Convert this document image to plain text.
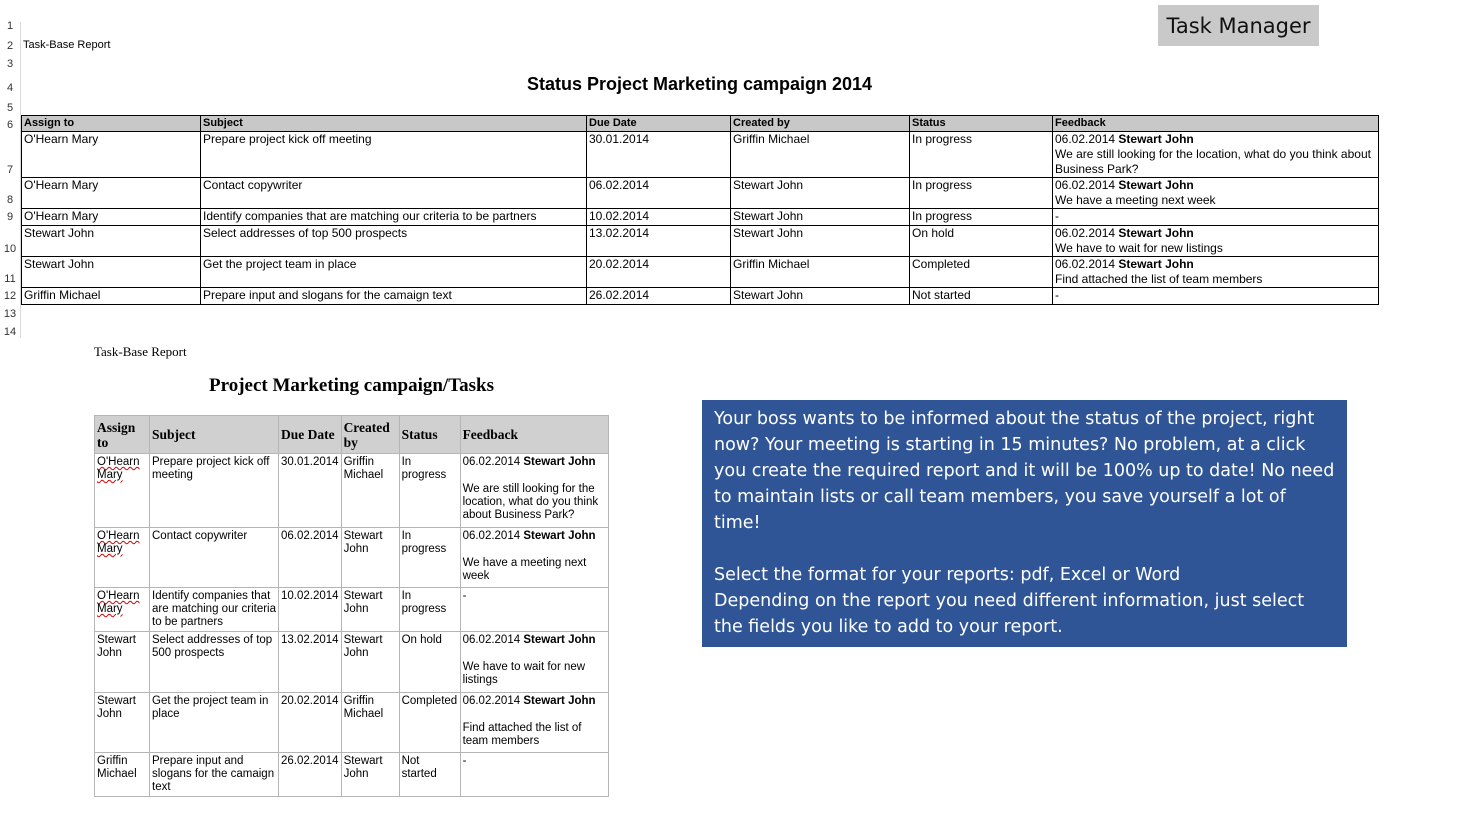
Task Manager
1
2
3
4
5
6
7
8
9
10
11
12
13
14
Task-Base Report
Status Project Marketing campaign 2014
Assign to	Subject	Due Date	Created by	Status	Feedback
O'Hearn Mary	Prepare project kick off meeting	30.01.2014	Griffin Michael	In progress	06.02.2014 Stewart John
We are still looking for the location, what do you think about Business Park?
O'Hearn Mary	Contact copywriter	06.02.2014	Stewart John	In progress	06.02.2014 Stewart John
We have a meeting next week
O'Hearn Mary	Identify companies that are matching our criteria to be partners	10.02.2014	Stewart John	In progress	-
Stewart John	Select addresses of top 500 prospects	13.02.2014	Stewart John	On hold	06.02.2014 Stewart John
We have to wait for new listings
Stewart John	Get the project team in place	20.02.2014	Griffin Michael	Completed	06.02.2014 Stewart John
Find attached the list of team members
Griffin Michael	Prepare input and slogans for the camaign text	26.02.2014	Stewart John	Not started	-
Task-Base Report
Project Marketing campaign/Tasks
Assign to	Subject	Due Date	Created by	Status	Feedback
O'Hearn Mary	Prepare project kick off meeting	30.01.2014	Griffin Michael	In progress	06.02.2014 Stewart John
We are still looking for the location, what do you think about Business Park?

O'Hearn Mary	Contact copywriter	06.02.2014	Stewart John	In progress	06.02.2014 Stewart John
We have a meeting next week

O'Hearn Mary	Identify companies that are matching our criteria to be partners	10.02.2014	Stewart John	In progress	-
Stewart John	Select addresses of top 500 prospects	13.02.2014	Stewart John	On hold	06.02.2014 Stewart John
We have to wait for new listings

Stewart John	Get the project team in place	20.02.2014	Griffin Michael	Completed	06.02.2014 Stewart John
Find attached the list of team members

Griffin Michael	Prepare input and slogans for the camaign text	26.02.2014	Stewart John	Not started	-

Your boss wants to be informed about the status of the project, right now? Your meeting is starting in 15 minutes? No problem, at a click you create the required report and it will be 100% up to date! No need to maintain lists or call team members, you save yourself a lot of time!

Select the format for your reports: pdf, Excel or Word
Depending on the report you need different information, just select the fields you like to add to your report.
